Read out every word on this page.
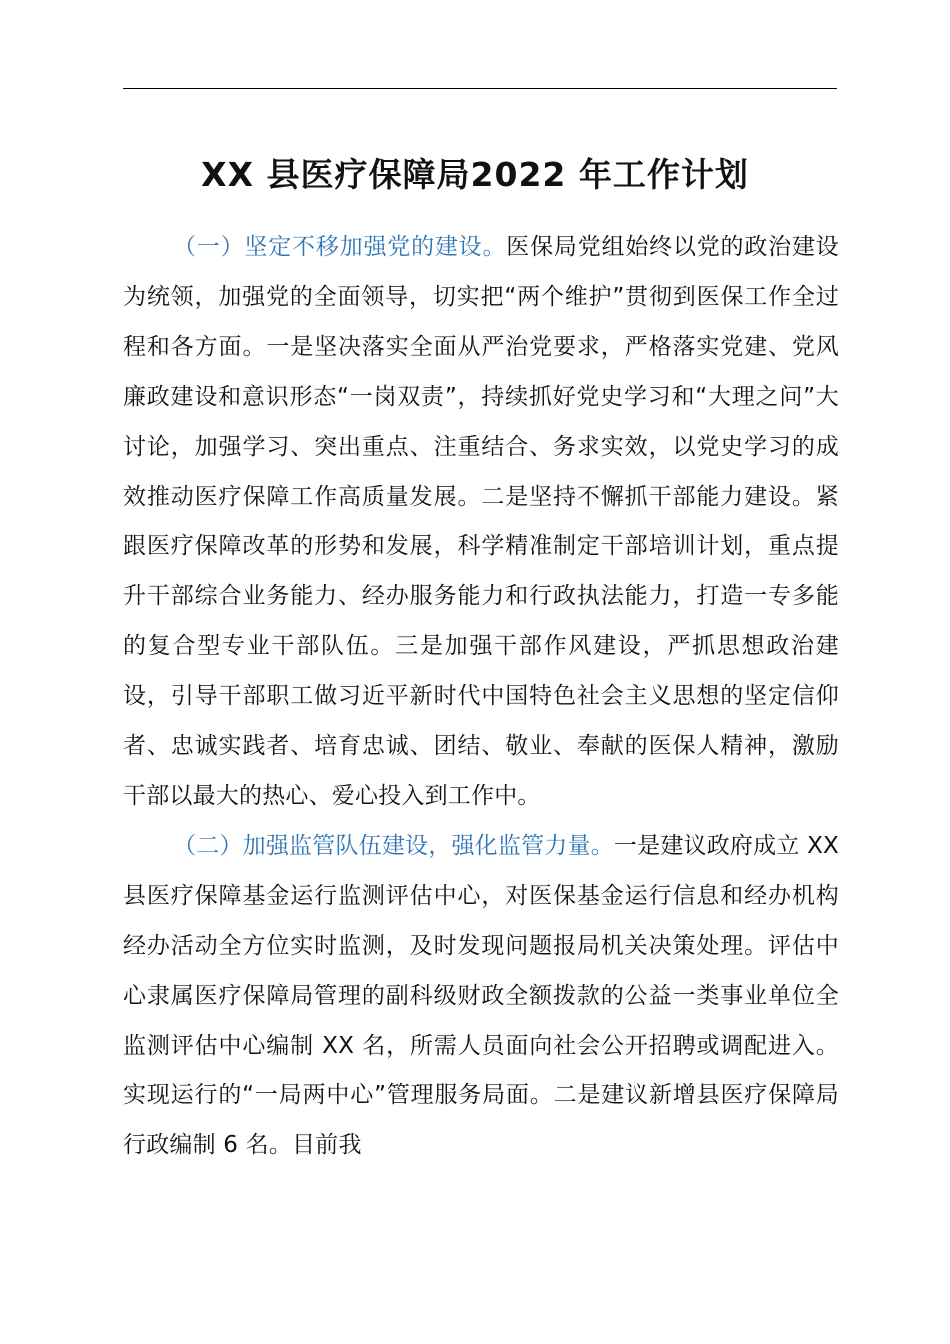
XX 县医疗保障局2022 年工作计划

（一）坚定不移加强党的建设。医保局党组始终以党的政治建设为统领，加强党的全面领导，切实把“两个维护”贯彻到医保工作全过程和各方面。一是坚决落实全面从严治党要求，严格落实党建、党风廉政建设和意识形态“一岗双责”，持续抓好党史学习和“大理之问”大讨论，加强学习、突出重点、注重结合、务求实效，以党史学习的成效推动医疗保障工作高质量发展。二是坚持不懈抓干部能力建设。紧跟医疗保障改革的形势和发展，科学精准制定干部培训计划，重点提升干部综合业务能力、经办服务能力和行政执法能力，打造一专多能的复合型专业干部队伍。三是加强干部作风建设，严抓思想政治建设，引导干部职工做习近平新时代中国特色社会主义思想的坚定信仰者、忠诚实践者、培育忠诚、团结、敬业、奉献的医保人精神，激励干部以最大的热心、爱心投入到工作中。

（二）加强监管队伍建设，强化监管力量。一是建议政府成立 XX 县医疗保障基金运行监测评估中心，对医保基金运行信息和经办机构经办活动全方位实时监测，及时发现问题报局机关决策处理。评估中心隶属医疗保障局管理的副科级财政全额拨款的公益一类事业单位全监测评估中心编制 XX 名，所需人员面向社会公开招聘或调配进入。实现运行的“一局两中心”管理服务局面。二是建议新增县医疗保障局行政编制 6 名。目前我
